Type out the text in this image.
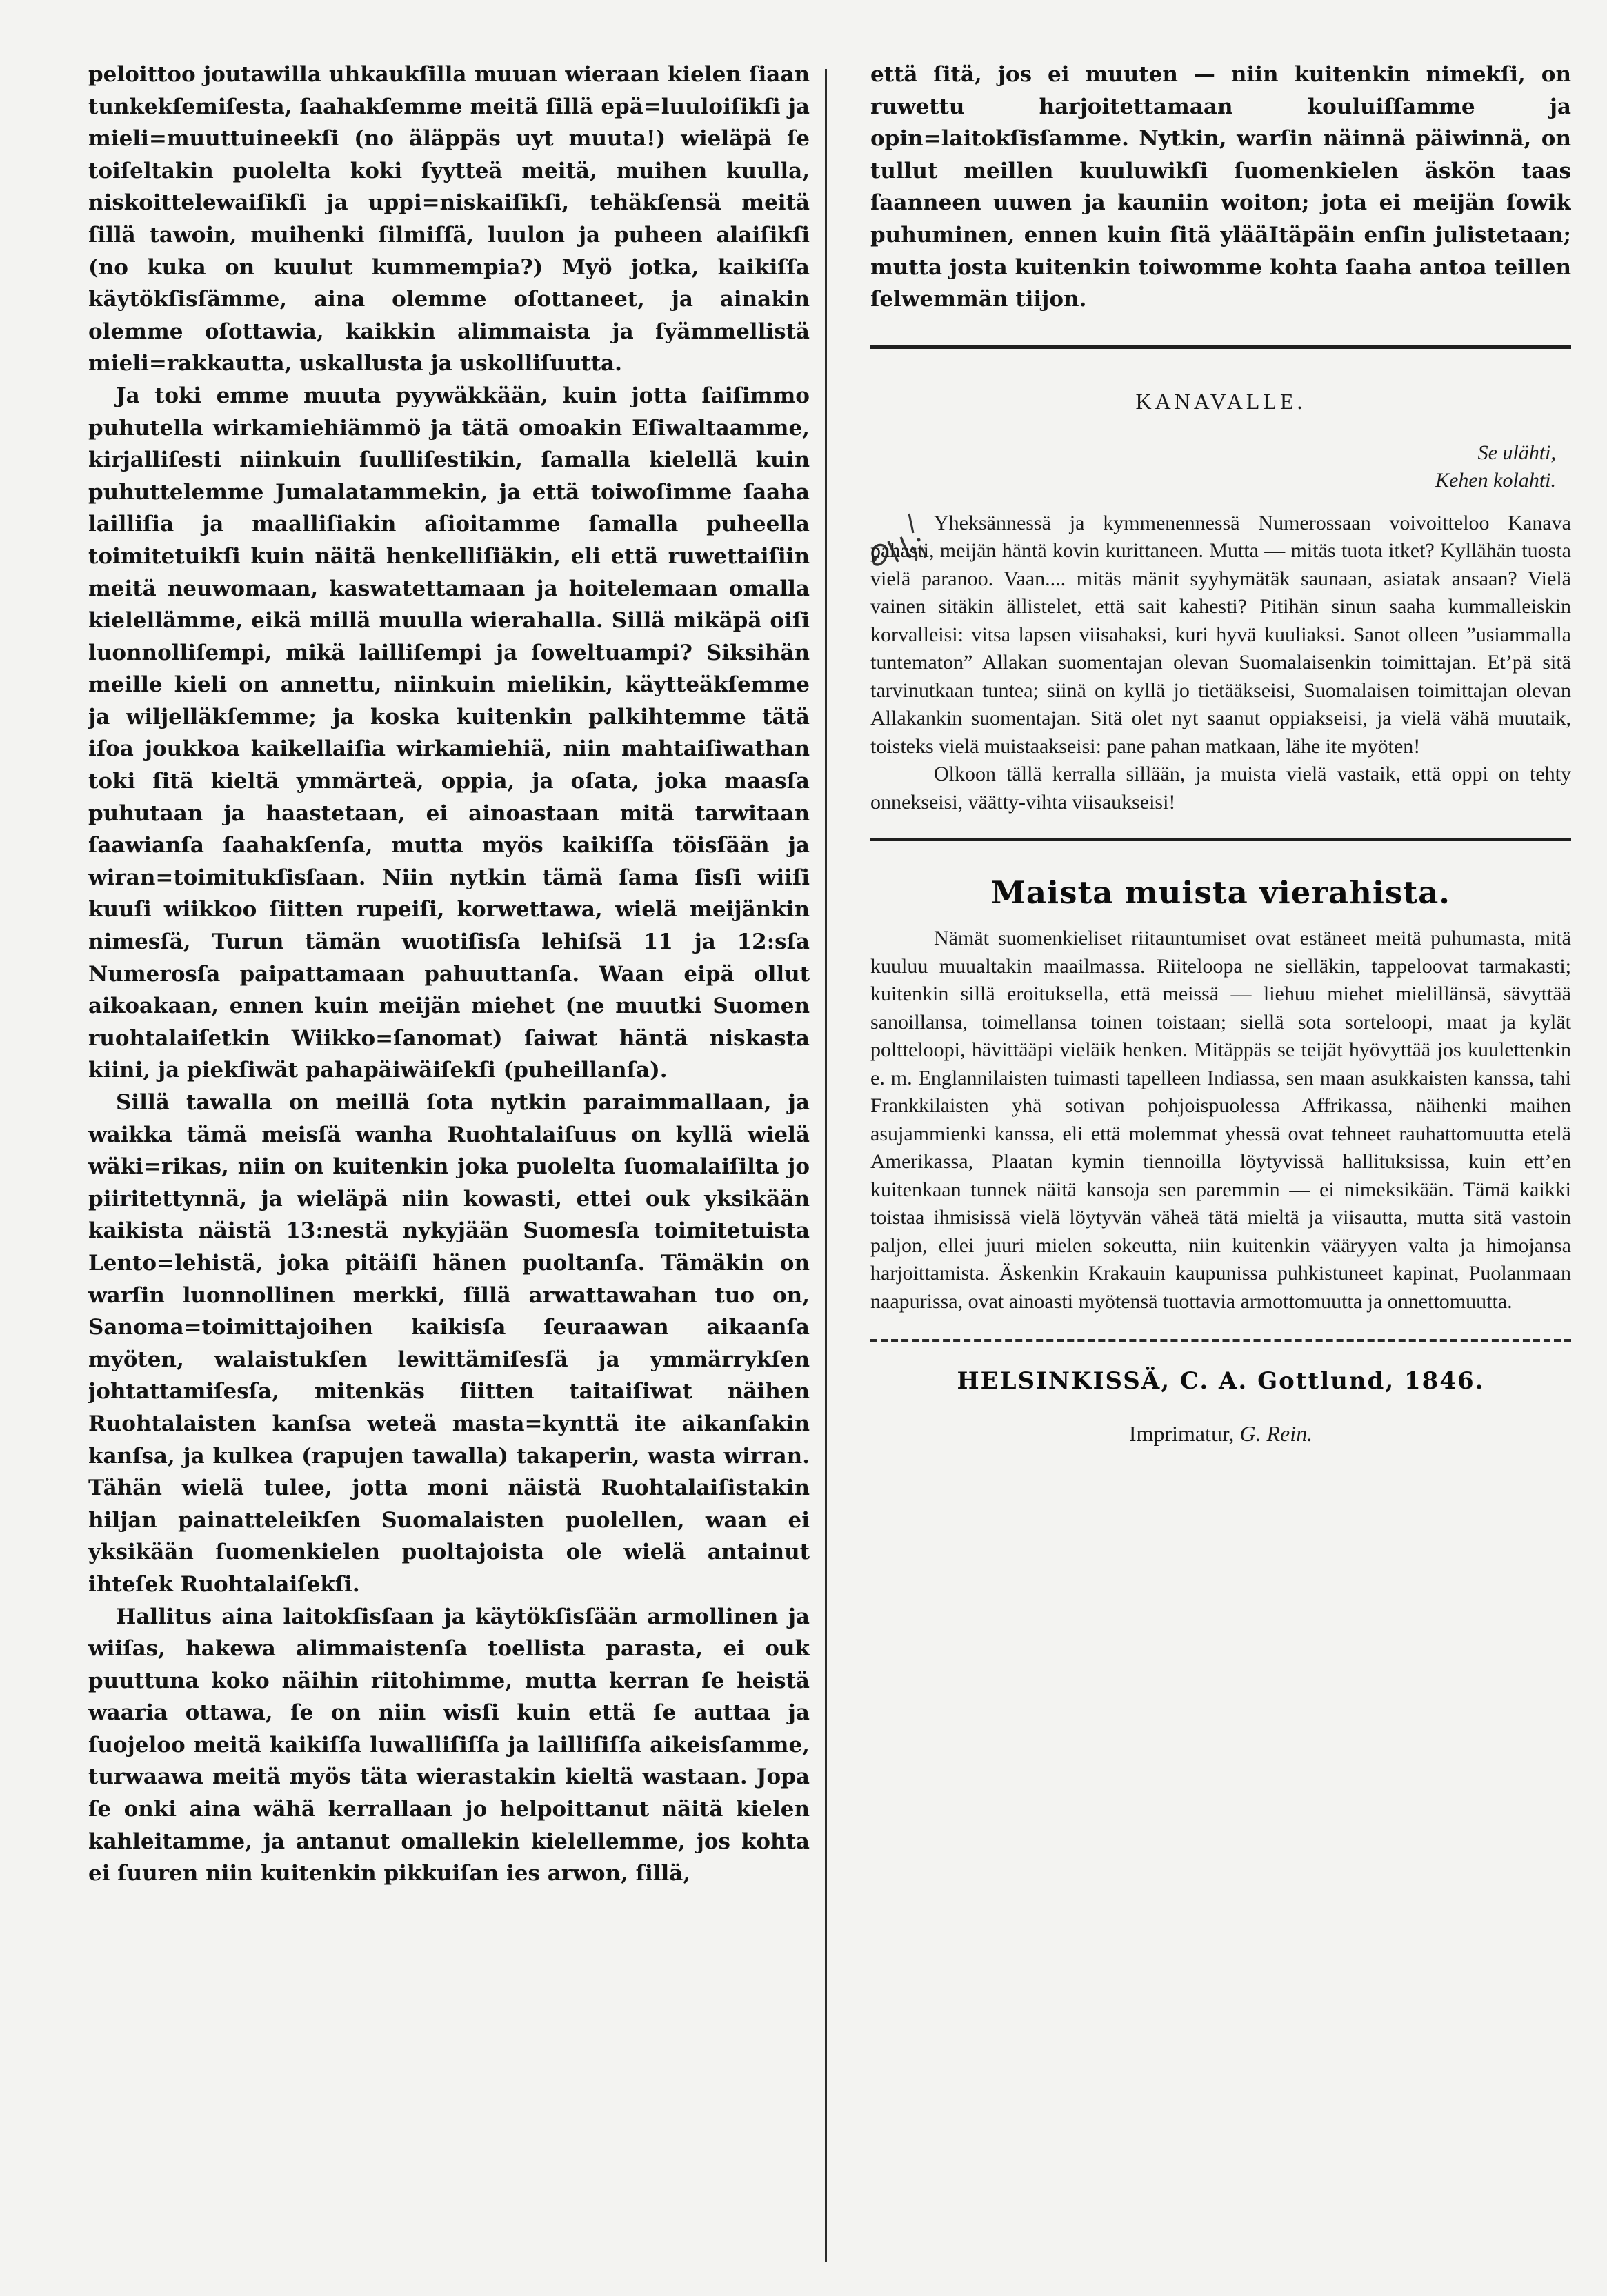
peloittoo joutawilla uhkaukſilla muuan wieraan kielen ſiaan tunkekſemiſesta, ſaahakſemme meitä ſillä epä=luuloiſikſi ja mieli=muuttuineekſi (no äläppäs uyt muuta!) wieläpä ſe toiſeltakin puolelta koki ſyytteä meitä, muihen kuulla, niskoittelewaiſikſi ja uppi=niskaiſikſi, tehäkſensä meitä ſillä tawoin, muihenki ſilmiſſä, luulon ja puheen alaiſikſi (no kuka on kuulut kummempia?) Myö jotka, kaikiſſa käytökſisſämme, aina olemme oſottaneet, ja ainakin olemme oſottawia, kaikkin alimmaista ja ſyämmellistä mieli=rakkautta, uskallusta ja uskolliſuutta.

Ja toki emme muuta pyywäkkään, kuin jotta ſaiſimmo puhutella wirkamiehiämmö ja tätä omoakin Eſiwaltaamme, kirjalliſesti niinkuin ſuulliſestikin, ſamalla kielellä kuin puhuttelemme Jumalatammekin, ja että toiwoſimme ſaaha lailliſia ja maalliſiakin aſioitamme ſamalla puheella toimitetuikſi kuin näitä henkelliſiäkin, eli että ruwettaiſiin meitä neuwomaan, kaswatettamaan ja hoitelemaan omalla kielellämme, eikä millä muulla wierahalla. Sillä mikäpä oiſi luonnolliſempi, mikä lailliſempi ja ſoweltuampi? Siksihän meille kieli on annettu, niinkuin mielikin, käytteäkſemme ja wiljelläkſemme; ja koska kuitenkin palkihtemme tätä iſoa joukkoa kaikellaiſia wirkamiehiä, niin mahtaiſiwathan toki ſitä kieltä ymmärteä, oppia, ja oſata, joka maasſa puhutaan ja haastetaan, ei ainoastaan mitä tarwitaan ſaawianſa ſaahakſenſa, mutta myös kaikiſſa töisſään ja wiran=toimitukſisſaan. Niin nytkin tämä ſama ſisſi wiiſi kuuſi wiikkoo ſiitten rupeiſi, korwettawa, wielä meijänkin nimesſä, Turun tämän wuotiſisſa lehiſsä 11 ja 12:sſa Numerosſa paipattamaan pahuuttanſa. Waan eipä ollut aikoakaan, ennen kuin meijän miehet (ne muutki Suomen ruohtalaiſetkin Wiikko=ſanomat) ſaiwat häntä niskasta kiini, ja piekſiwät pahapäiwäiſekſi (puheillanſa).

Sillä tawalla on meillä ſota nytkin paraimmallaan, ja waikka tämä meisſä wanha Ruohtalaiſuus on kyllä wielä wäki=rikas, niin on kuitenkin joka puolelta ſuomalaiſilta jo piiritettynnä, ja wieläpä niin kowasti, ettei ouk yksikään kaikista näistä 13:nestä nykyjään Suomesſa toimitetuista Lento=lehistä, joka pitäiſi hänen puoltanſa. Tämäkin on warſin luonnollinen merkki, ſillä arwattawahan tuo on, Sanoma=toimittajoihen kaikisſa ſeuraawan aikaanſa myöten, walaistukſen lewittämiſesſä ja ymmärrykſen johtattamiſesſa, mitenkäs ſiitten taitaiſiwat näihen Ruohtalaisten kanſsa weteä masta=kynttä ite aikanſakin kanſsa, ja kulkea (rapujen tawalla) takaperin, wasta wirran. Tähän wielä tulee, jotta moni näistä Ruohtalaiſistakin hiljan painatteleikſen Suomalaisten puolellen, waan ei yksikään ſuomenkielen puoltajoista ole wielä antainut ihteſek Ruohtalaiſekſi.

Hallitus aina laitokſisſaan ja käytökſisſään armollinen ja wiiſas, hakewa alimmaistenſa toellista parasta, ei ouk puuttuna koko näihin riitohimme, mutta kerran ſe heistä waaria ottawa, ſe on niin wisſi kuin että ſe auttaa ja ſuojeloo meitä kaikiſſa luwalliſiſſa ja lailliſiſſa aikeisſamme, turwaawa meitä myös täta wierastakin kieltä wastaan. Jopa ſe onki aina wähä kerrallaan jo helpoittanut näitä kielen kahleitamme, ja antanut omallekin kielellemme, jos kohta ei ſuuren niin kuitenkin pikkuiſan ies arwon, ſillä,

että ſitä, jos ei muuten — niin kuitenkin nimekſi, on ruwettu harjoitettamaan kouluiſſamme ja opin=laitokſisſamme. Nytkin, warſin näinnä päiwinnä, on tullut meillen kuuluwikſi ſuomenkielen äskön taas ſaanneen uuwen ja kauniin woiton; jota ei meijän ſowik puhuminen, ennen kuin ſitä ylääItäpäin enſin julistetaan; mutta josta kuitenkin toiwomme kohta ſaaha antoa teillen ſelwemmän tiijon.
KANAVALLE.
Se ulähti,
Kehen kolahti.

Yheksännessä ja kymmenennessä Numerossaan voivoitteloo Kanava pahasti, meijän häntä kovin kurittaneen. Mutta — mitäs tuota itket? Kyllähän tuosta vielä paranoo. Vaan.... mitäs mänit syyhymätäk saunaan, asiatak ansaan? Vielä vainen sitäkin ällistelet, että sait kahesti? Pitihän sinun saaha kummalleiskin korvalleisi: vitsa lapsen viisahaksi, kuri hyvä kuuliaksi. Sanot olleen ”usiammalla tuntematon” Allakan suomentajan olevan Suomalaisenkin toimittajan. Et’pä sitä tarvinutkaan tuntea; siinä on kyllä jo tietääkseisi, Suomalaisen toimittajan olevan Allakankin suomentajan. Sitä olet nyt saanut oppiakseisi, ja vielä vähä muutaik, toisteks vielä muistaakseisi: pane pahan matkaan, lähe ite myöten!

Olkoon tällä kerralla sillään, ja muista vielä vastaik, että oppi on tehty onnekseisi, väätty-vihta viisaukseisi!

Maista muista vierahista.

Nämät suomenkieliset riitauntumiset ovat estäneet meitä puhumasta, mitä kuuluu muualtakin maailmassa. Riiteloopa ne sielläkin, tappeloovat tarmakasti; kuitenkin sillä eroituksella, että meissä — liehuu miehet mielillänsä, sävyttää sanoillansa, toimellansa toinen toistaan; siellä sota sorteloopi, maat ja kylät poltteloopi, hävittääpi vieläik henken. Mitäppäs se teijät hyövyttää jos kuulettenkin e. m. Englannilaisten tuimasti tapelleen Indiassa, sen maan asukkaisten kanssa, tahi Frankkilaisten yhä sotivan pohjoispuolessa Affrikassa, näihenki maihen asujammienki kanssa, eli että molemmat yhessä ovat tehneet rauhattomuutta etelä Amerikassa, Plaatan kymin tiennoilla löytyvissä hallituksissa, kuin ett’en kuitenkaan tunnek näitä kansoja sen paremmin — ei nimeksikään. Tämä kaikki toistaa ihmisissä vielä löytyvän väheä tätä mieltä ja viisautta, mutta sitä vastoin paljon, ellei juuri mielen sokeutta, niin kuitenkin vääryyen valta ja himojansa harjoittamista. Äskenkin Krakauin kaupunissa puhkistuneet kapinat, Puolanmaan naapurissa, ovat ainoasti myötensä tuottavia armottomuutta ja onnettomuutta.

HELSINKISSÄ, C. A. Gottlund, 1846.
Imprimatur, G. Rein.
